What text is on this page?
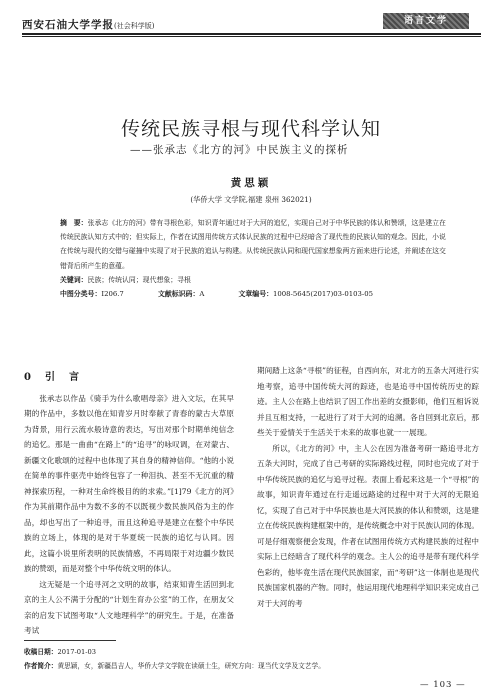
西安石油大学学报(社会科学版)	语言文学
传统民族寻根与现代科学认知
——张承志《北方的河》中民族主义的探析
黄思颖
(华侨大学 文学院,福建 泉州 362021)

摘　要：张承志《北方的河》带有寻根色彩，知识青年通过对于大河的追忆，实现自己对于中华民族的体认和赞颂，这是建立在传统民族认知方式中的；但实际上，作者在试图用传统方式体认民族的过程中已经暗含了现代性的民族认知的观念。因此，小说在传统与现代的交错与碰撞中实现了对于民族的追认与构建。从传统民族认同和现代国家想象两方面来进行论述，并阐述在这交错背后所产生的意蕴。

关键词：民族；传统认同；现代想象；寻根

中图分类号：I206.7	文献标识码：A	文章编号：1008-5645(2017)03-0103-05

0　引　言

张承志以作品《骑手为什么歌唱母亲》进入文坛，在其早期的作品中，多数以他在知青岁月时奉献了青春的蒙古大草原为背景，用行云流水般诗意的表达，写出对那个时期单纯信念的追忆。那是一曲曲“在路上”的“追寻”的咏叹调，在对蒙古、新疆文化歌颂的过程中也体现了其自身的精神信仰。“他的小说在简单的事件驱壳中始终包容了一种泪执、甚至不无沉重的精神探索历程，一种对生命终极目的的求索。”[1]79《北方的河》作为其前期作品中为数不多的不以既视少数民族风俗为主的作品，却也写出了一种追寻，而且这种追寻是建立在整个中华民族的立场上，体现的是对于华夏统一民族的追忆与认同。因此，这篇小说里所表明的民族情感，不再局限于对边疆少数民族的赞颂，而是对整个中华传统文明的体认。

这无疑是一个追寻河之文明的故事，结束知青生活回到北京的主人公不满于分配的“计划生育办公室”的工作，在朋友父亲的启发下试图考取“人文地理科学”的研究生。于是，在准备考试

期间踏上这条“寻根”的征程，自西向东，对北方的五条大河进行实地考察，追寻中国传统大河的踪迹，也是追寻中国传统历史的踪迹。主人公在路上也结识了因工作出差的女摄影师，他们互相诉说并且互相支持，一起进行了对于大河的追溯。各自回到北京后，那些关于爱情关于生活关于未来的故事也就一一展现。

所以，《北方的河》中，主人公在因为准备考研一路追寻北方五条大河时，完成了自己考研的实际路线过程，同时也完成了对于中华传统民族的追忆与追寻过程。表面上看起来这是一个“寻根”的故事，知识青年通过在行走遥远路途的过程中对于大河的无限追忆，实现了自己对于中华民族也是大河民族的体认和赞颂，这是建立在传统民族构建框架中的，是传统概念中对于民族认同的体现。可是仔细观察便会发现，作者在试图用传统方式构建民族的过程中实际上已经暗含了现代科学的观念。主人公的追寻是带有现代科学色彩的，他毕竟生活在现代民族国家，而“考研”这一体制也是现代民族国家机器的产物。同时，他运用现代地理科学知识来完成自己对于大河的考

收稿日期：2017-01-03
作者简介：黄思颖，女，新疆昌吉人，华侨大学文学院在读硕士生，研究方向：现当代文学及文艺学。
— 103 —
